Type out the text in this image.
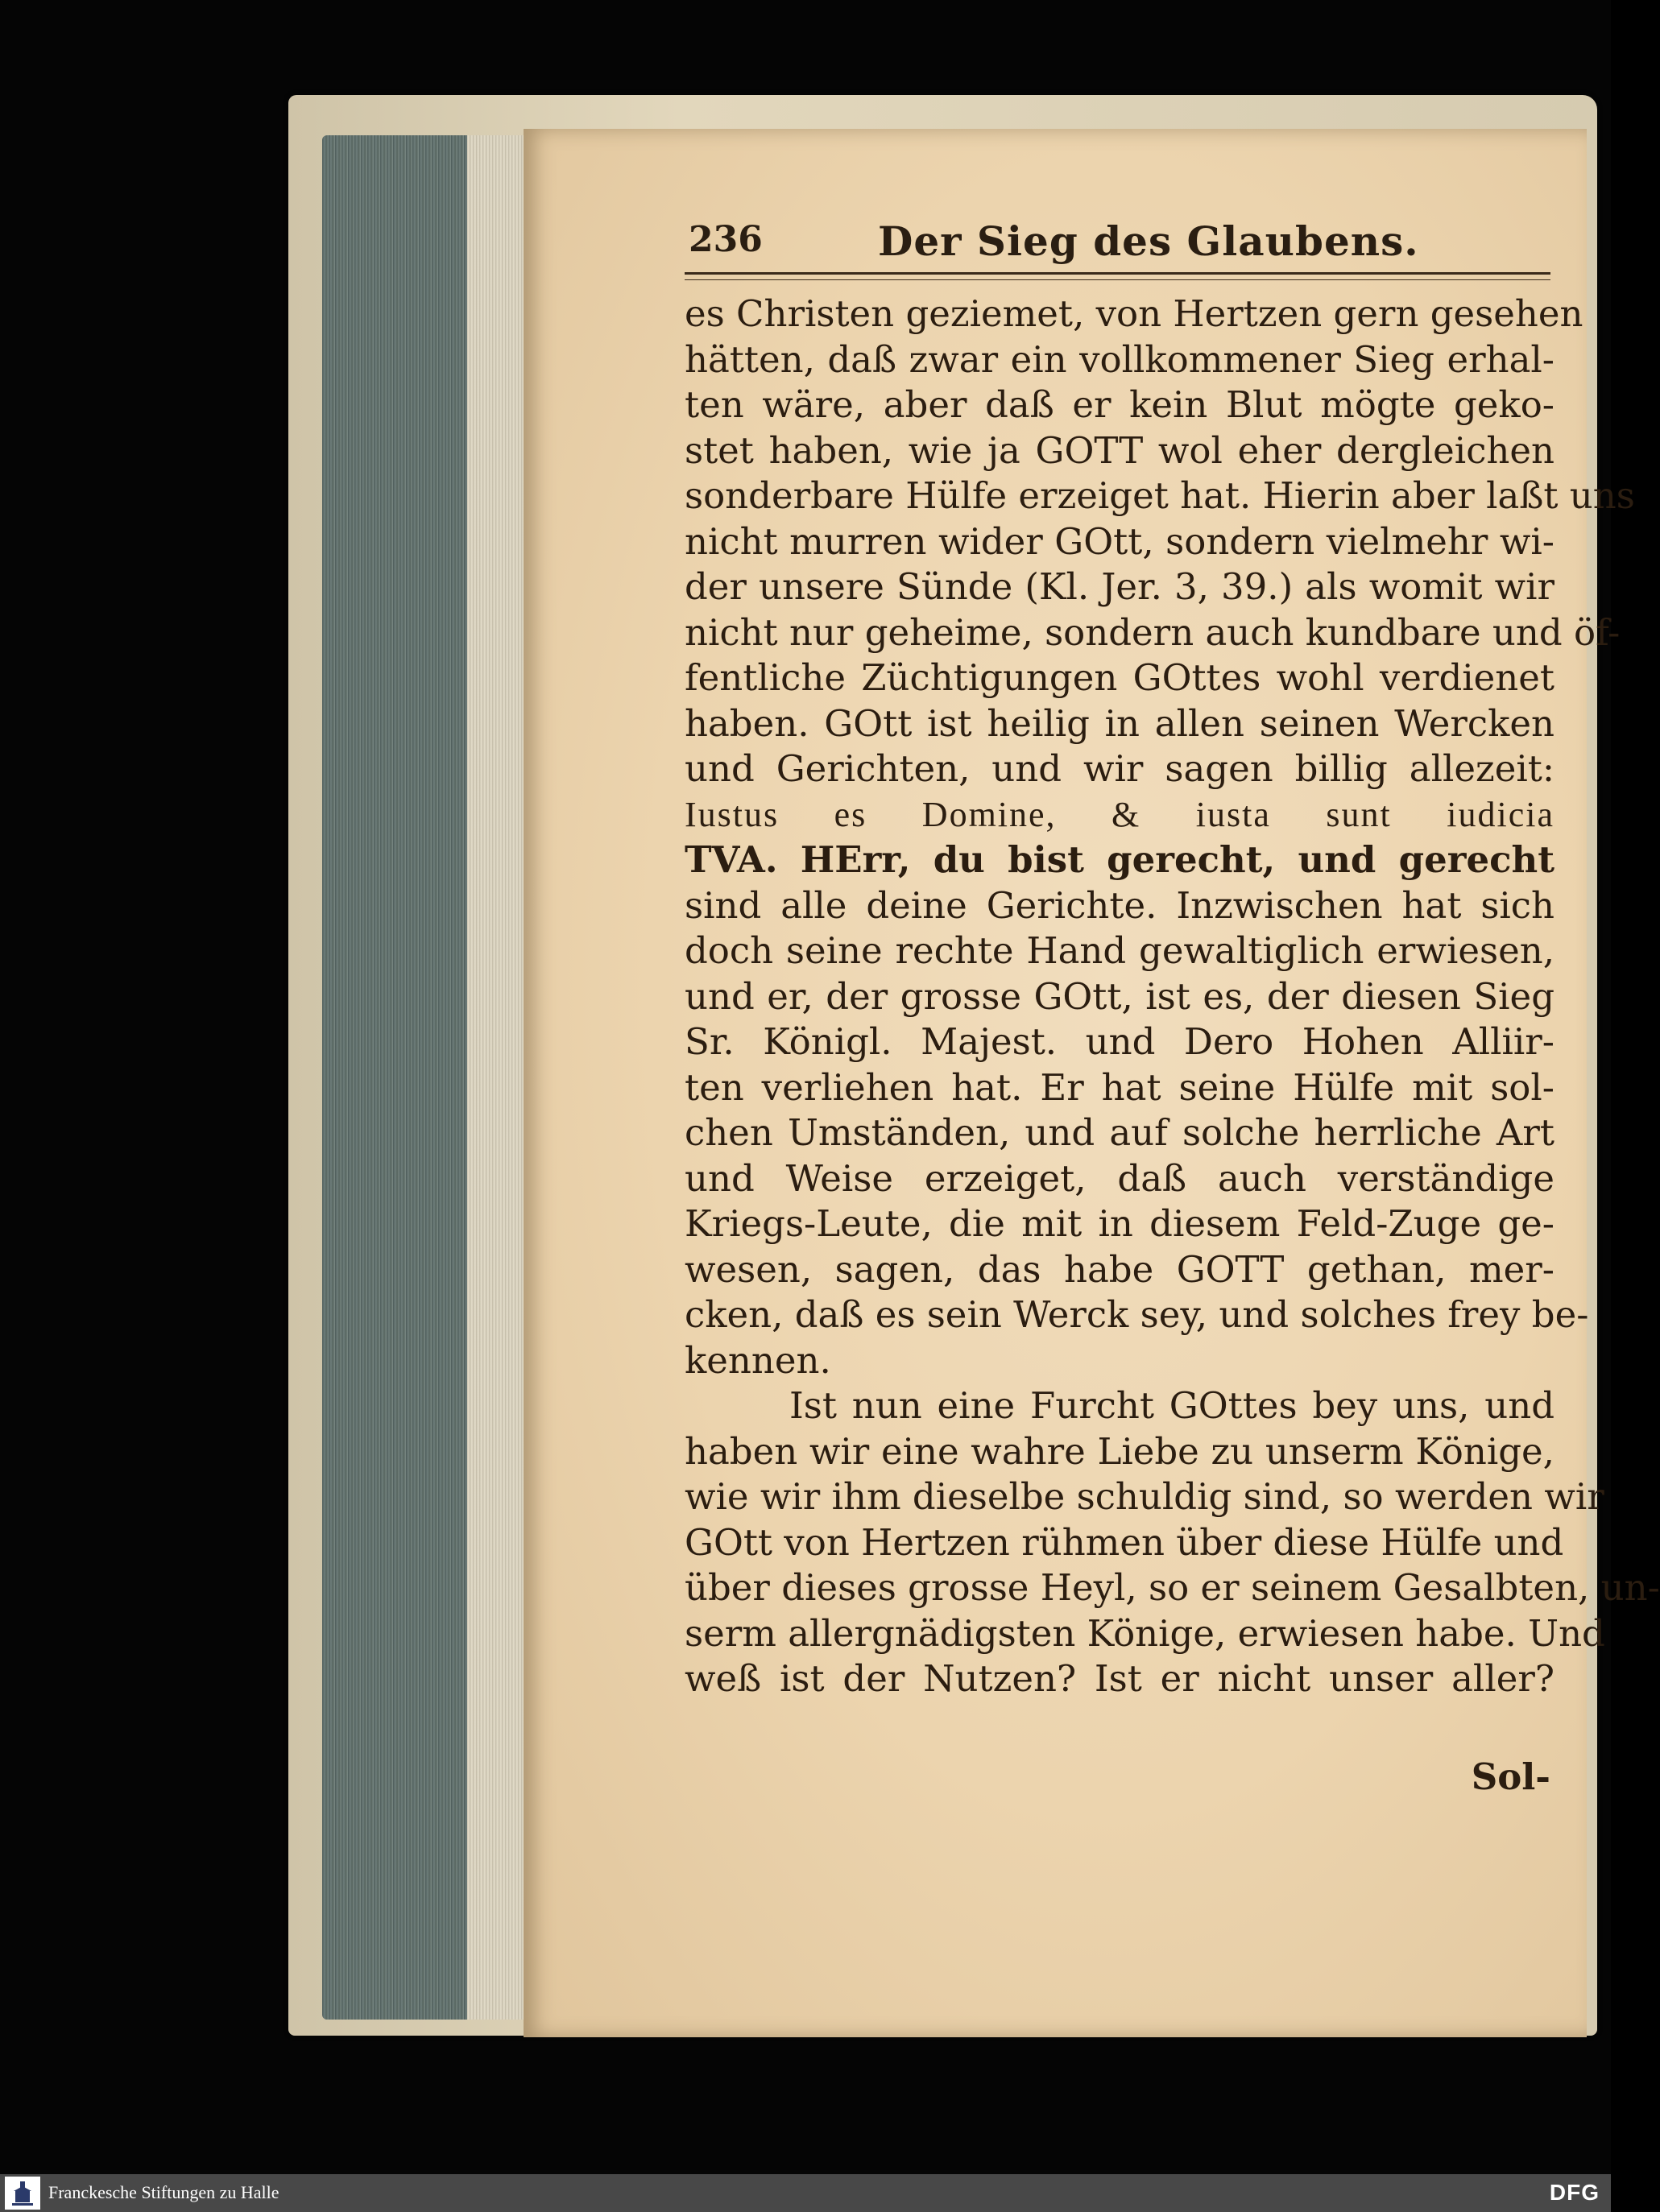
236	Der Sieg des Glaubens.
es Christen geziemet, von Hertzen gern gesehen
hätten, daß zwar ein vollkommener Sieg erhal-
ten wäre, aber daß er kein Blut mögte geko-
stet haben, wie ja GOTT wol eher dergleichen
sonderbare Hülfe erzeiget hat. Hierin aber laßt uns
nicht murren wider GOtt, sondern vielmehr wi-
der unsere Sünde (Kl. Jer. 3, 39.) als womit wir
nicht nur geheime, sondern auch kundbare und öf-
fentliche Züchtigungen GOttes wohl verdienet
haben. GOtt ist heilig in allen seinen Wercken
und Gerichten, und wir sagen billig allezeit:
Iustus es Domine, & iusta sunt iudicia
TVA. HErr, du bist gerecht, und gerecht
sind alle deine Gerichte. Inzwischen hat sich
doch seine rechte Hand gewaltiglich erwiesen,
und er, der grosse GOtt, ist es, der diesen Sieg
Sr. Königl. Majest. und Dero Hohen Alliir-
ten verliehen hat. Er hat seine Hülfe mit sol-
chen Umständen, und auf solche herrliche Art
und Weise erzeiget, daß auch verständige
Kriegs-Leute, die mit in diesem Feld-Zuge ge-
wesen, sagen, das habe GOTT gethan, mer-
cken, daß es sein Werck sey, und solches frey be-
kennen.
Ist nun eine Furcht GOttes bey uns, und
haben wir eine wahre Liebe zu unserm Könige,
wie wir ihm dieselbe schuldig sind, so werden wir
GOtt von Hertzen rühmen über diese Hülfe und
über dieses grosse Heyl, so er seinem Gesalbten, un-
serm allergnädigsten Könige, erwiesen habe. Und
weß ist der Nutzen? Ist er nicht unser aller?
Sol-
Franckesche Stiftungen zu Halle	DFG
